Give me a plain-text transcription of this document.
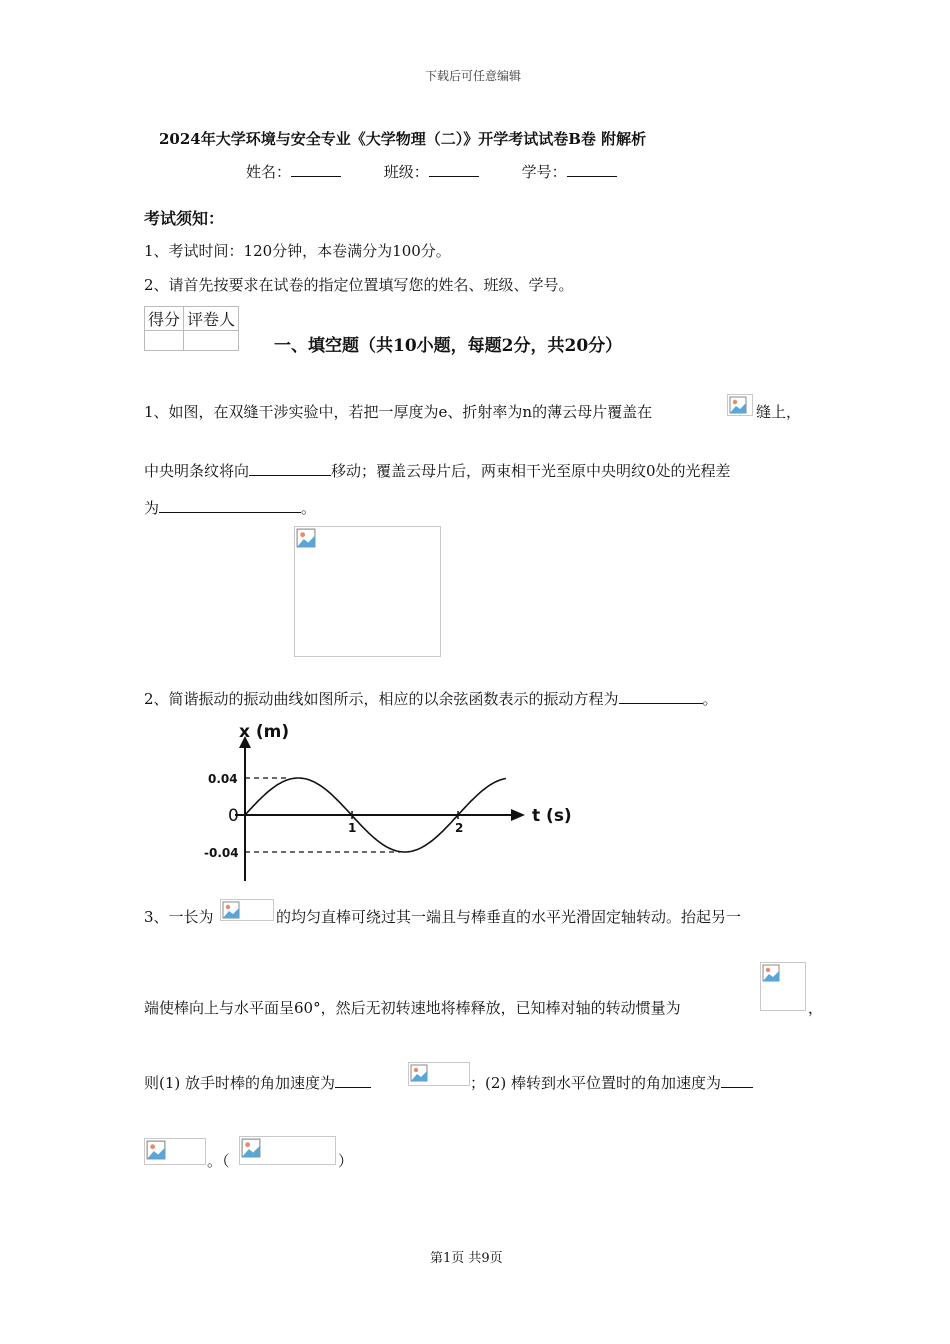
下载后可任意编辑
2024年大学环境与安全专业《大学物理（二）》开学考试试卷B卷 附解析
姓名：	班级：	学号：
考试须知：
1、考试时间：120分钟，本卷满分为100分。
2、请首先按要求在试卷的指定位置填写您的姓名、班级、学号。
得分	评卷人

一、填空题（共10小题，每题2分，共20分）
1、如图，在双缝干涉实验中，若把一厚度为e、折射率为n的薄云母片覆盖在	缝上，
中央明条纹将向	移动；覆盖云母片后，两束相干光至原中央明纹0处的光程差
为	。
2、简谐振动的振动曲线如图所示，相应的以余弦函数表示的振动方程为	。
x (m)
t (s)
0
0.04
-0.04
1	2
3、一长为	的均匀直棒可绕过其一端且与棒垂直的水平光滑固定轴转动。抬起另一
端使棒向上与水平面呈60°，然后无初转速地将棒释放，已知棒对轴的转动惯量为	，
则(1) 放手时棒的角加速度为	；(2) 棒转到水平位置时的角加速度为
。（	）
第1页 共9页
